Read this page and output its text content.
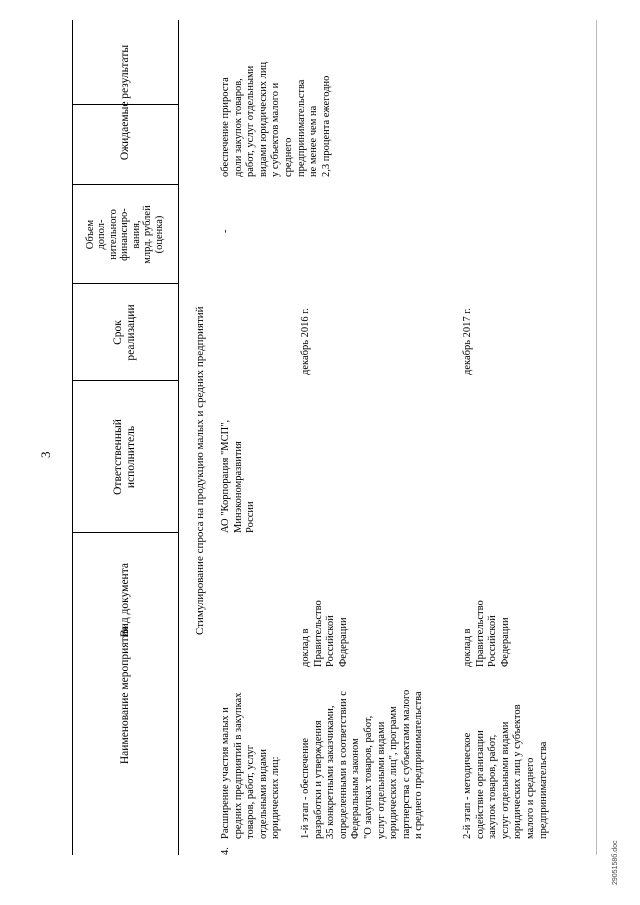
3
Наименование мероприятия
Вид документа
Ответственный
исполнитель
Срок
реализации
Объем
допол-
нительного
финансиро-
вания,
млрд. рублей
(оценка)
Ожидаемые результаты
Стимулирование спроса на продукцию малых и средних предприятий
4.
Расширение участия малых и
средних предприятий в закупках
товаров, работ, услуг
отдельными видами
юридических лиц:
АО "Корпорация "МСП",
Минэкономразвития
России
-
обеспечение прироста
доли закупок товаров,
работ, услуг отдельными
видами юридических лиц
у субъектов малого и
среднего
предпринимательства
не менее чем на
2,3 процента ежегодно
1-й этап - обеспечение
разработки и утверждения
35 конкретными заказчиками,
определенными в соответствии с
Федеральным законом
"О закупках товаров, работ,
услуг отдельными видами
юридических лиц", программ
партнерства с субъектами малого
и среднего предпринимательства
доклад в
Правительство
Российской
Федерации
декабрь 2016 г.
2-й этап - методическое
содействие организации
закупок товаров, работ,
услуг отдельными видами
юридических лиц у субъектов
малого и среднего
предпринимательства
доклад в
Правительство
Российской
Федерации
декабрь 2017 г.
2905158б.doc
